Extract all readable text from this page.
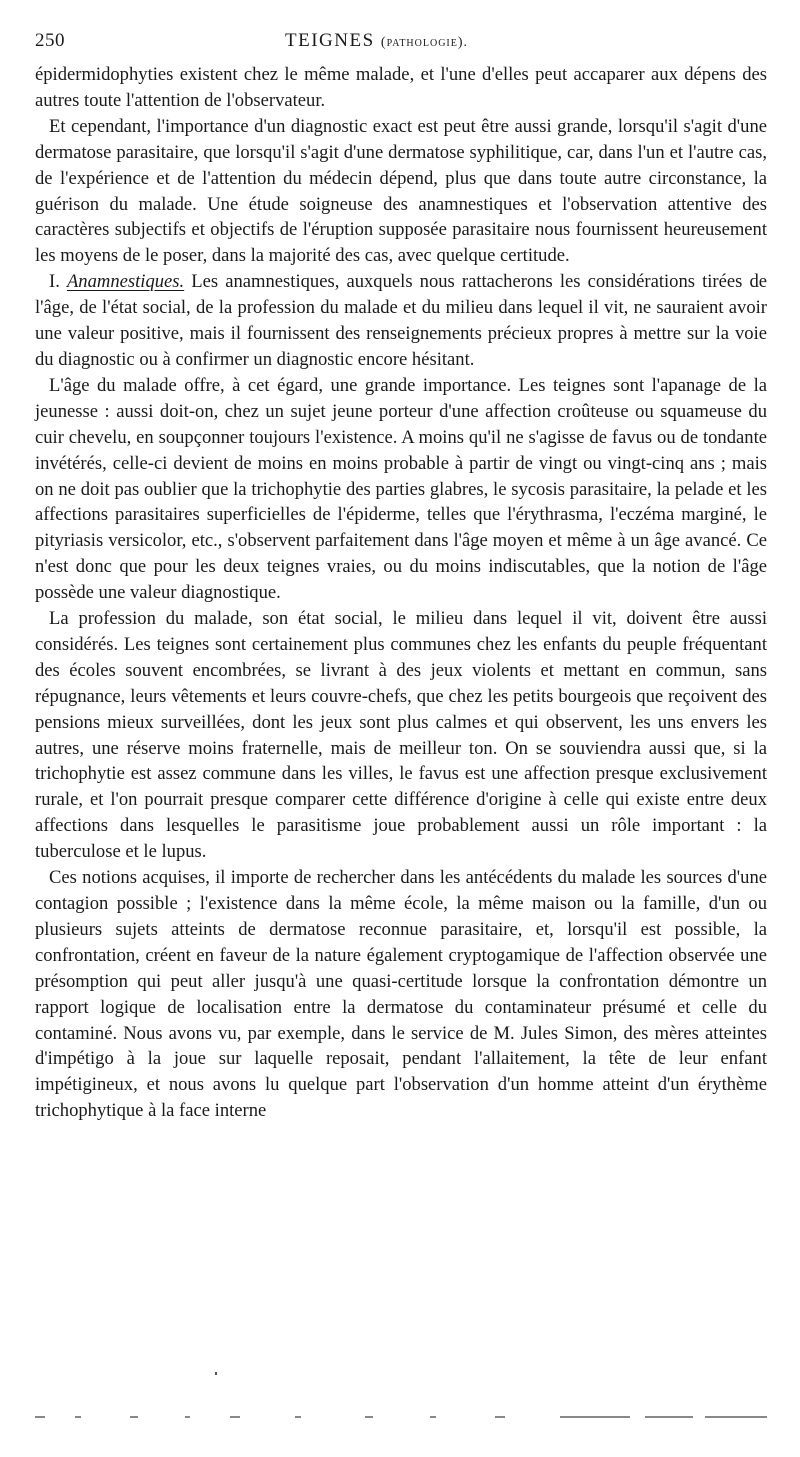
250	TEIGNES (pathologie).

épidermidophyties existent chez le même malade, et l'une d'elles peut accaparer aux dépens des autres toute l'attention de l'observateur.

Et cependant, l'importance d'un diagnostic exact est peut être aussi grande, lorsqu'il s'agit d'une dermatose parasitaire, que lorsqu'il s'agit d'une dermatose syphilitique, car, dans l'un et l'autre cas, de l'expérience et de l'attention du médecin dépend, plus que dans toute autre circonstance, la guérison du malade. Une étude soigneuse des anamnestiques et l'observation attentive des caractères subjectifs et objectifs de l'éruption supposée parasitaire nous fournissent heureusement les moyens de le poser, dans la majorité des cas, avec quelque certitude.

I. Anamnestiques. Les anamnestiques, auxquels nous rattacherons les considérations tirées de l'âge, de l'état social, de la profession du malade et du milieu dans lequel il vit, ne sauraient avoir une valeur positive, mais il fournissent des renseignements précieux propres à mettre sur la voie du diagnostic ou à confirmer un diagnostic encore hésitant.

L'âge du malade offre, à cet égard, une grande importance. Les teignes sont l'apanage de la jeunesse : aussi doit-on, chez un sujet jeune porteur d'une affection croûteuse ou squameuse du cuir chevelu, en soupçonner toujours l'existence. A moins qu'il ne s'agisse de favus ou de tondante invétérés, celle-ci devient de moins en moins probable à partir de vingt ou vingt-cinq ans ; mais on ne doit pas oublier que la trichophytie des parties glabres, le sycosis parasitaire, la pelade et les affections parasitaires superficielles de l'épiderme, telles que l'érythrasma, l'eczéma marginé, le pityriasis versicolor, etc., s'observent parfaitement dans l'âge moyen et même à un âge avancé. Ce n'est donc que pour les deux teignes vraies, ou du moins indiscutables, que la notion de l'âge possède une valeur diagnostique.

La profession du malade, son état social, le milieu dans lequel il vit, doivent être aussi considérés. Les teignes sont certainement plus communes chez les enfants du peuple fréquentant des écoles souvent encombrées, se livrant à des jeux violents et mettant en commun, sans répugnance, leurs vêtements et leurs couvre-chefs, que chez les petits bourgeois que reçoivent des pensions mieux surveillées, dont les jeux sont plus calmes et qui observent, les uns envers les autres, une réserve moins fraternelle, mais de meilleur ton. On se souviendra aussi que, si la trichophytie est assez commune dans les villes, le favus est une affection presque exclusivement rurale, et l'on pourrait presque comparer cette différence d'origine à celle qui existe entre deux affections dans lesquelles le parasitisme joue probablement aussi un rôle important : la tuberculose et le lupus.

Ces notions acquises, il importe de rechercher dans les antécédents du malade les sources d'une contagion possible ; l'existence dans la même école, la même maison ou la famille, d'un ou plusieurs sujets atteints de dermatose reconnue parasitaire, et, lorsqu'il est possible, la confrontation, créent en faveur de la nature également cryptogamique de l'affection observée une présomption qui peut aller jusqu'à une quasi-certitude lorsque la confrontation démontre un rapport logique de localisation entre la dermatose du contaminateur présumé et celle du contaminé. Nous avons vu, par exemple, dans le service de M. Jules Simon, des mères atteintes d'impétigo à la joue sur laquelle reposait, pendant l'allaitement, la tête de leur enfant impétigineux, et nous avons lu quelque part l'observation d'un homme atteint d'un érythème trichophytique à la face interne
